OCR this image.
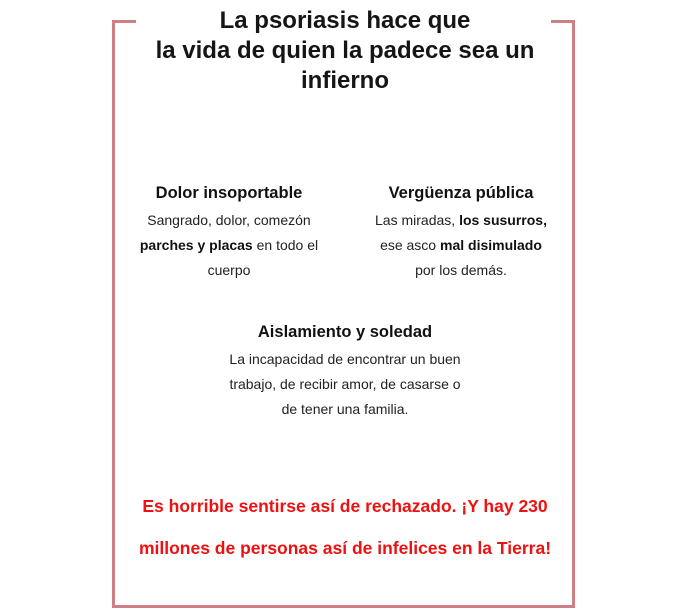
La psoriasis hace que
la vida de quien la padece sea un
infierno
Dolor insoportable

Sangrado, dolor, comezón
parches y placas en todo el
cuerpo

Vergüenza pública

Las miradas, los susurros,
ese asco mal disimulado
por los demás.

Aislamiento y soledad

La incapacidad de encontrar un buen
trabajo, de recibir amor, de casarse o
de tener una familia.

Es horrible sentirse así de rechazado. ¡Y hay 230
millones de personas así de infelices en la Tierra!
